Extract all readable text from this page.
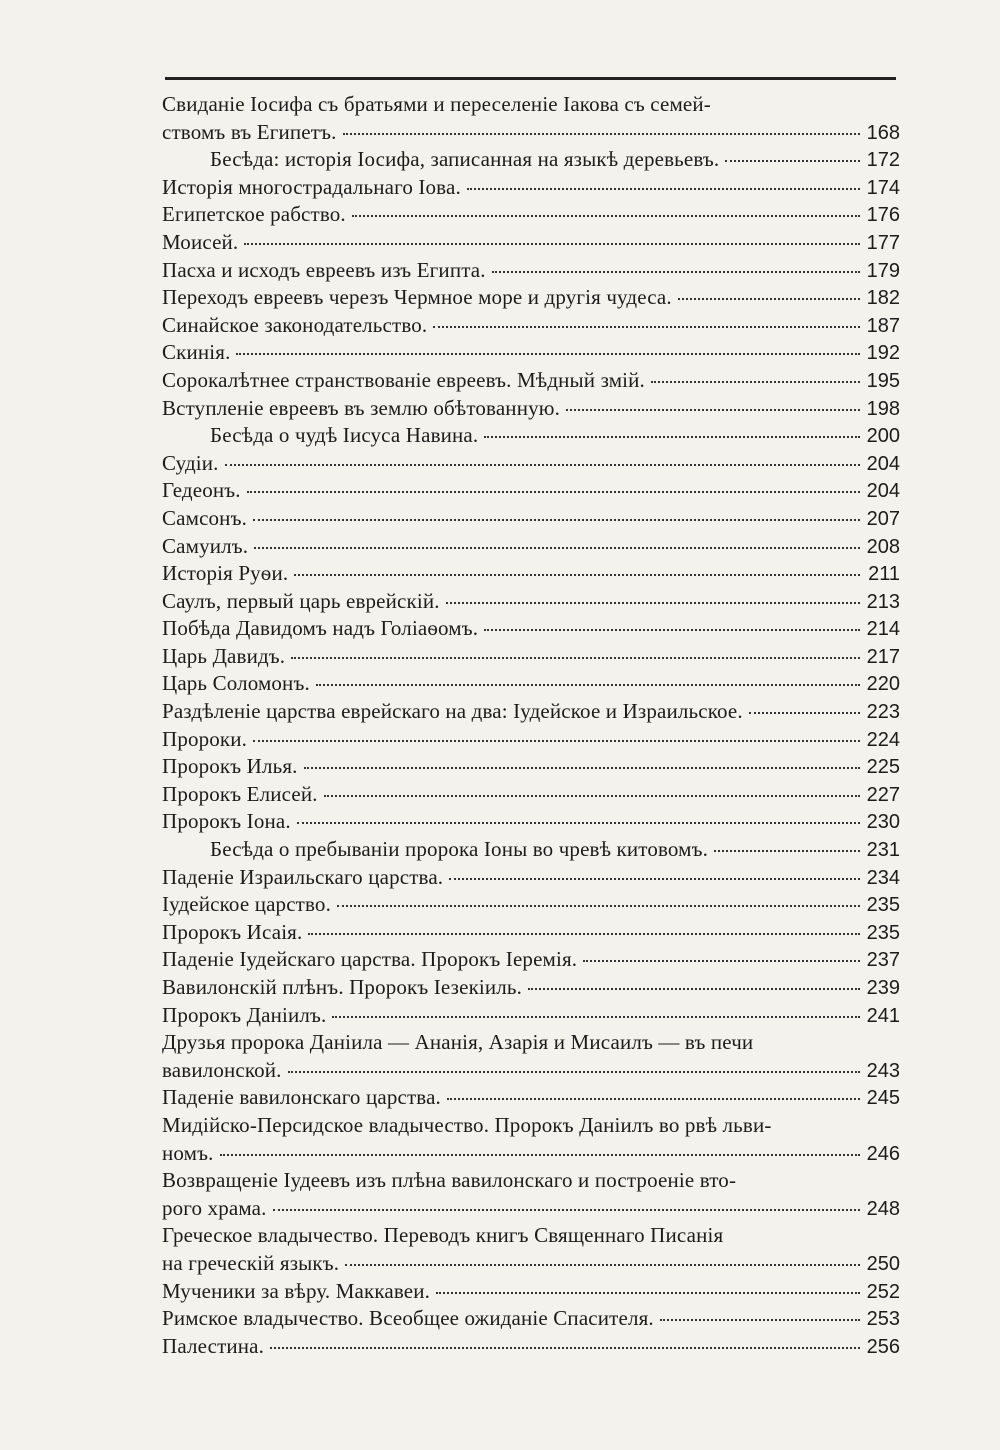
Свиданіе Іосифа съ братьями и переселеніе Іакова съ семей-
ствомъ въ Египетъ.	168
Бесѣда: исторія Іосифа, записанная на языкѣ деревьевъ.	172
Исторія многострадальнаго Іова.	174
Египетское рабство.	176
Моисей.	177
Пасха и исходъ евреевъ изъ Египта.	179
Переходъ евреевъ черезъ Чермное море и другія чудеса.	182
Синайское законодательство.	187
Скинія.	192
Сорокалѣтнее странствованіе евреевъ. Мѣдный змій.	195
Вступленіе евреевъ въ землю обѣтованную.	198
Бесѣда о чудѣ Іисуса Навина.	200
Судіи.	204
Гедеонъ.	204
Самсонъ.	207
Самуилъ.	208
Исторія Руѳи.	211
Саулъ, первый царь еврейскій.	213
Побѣда Давидомъ надъ Голіаѳомъ.	214
Царь Давидъ.	217
Царь Соломонъ.	220
Раздѣленіе царства еврейскаго на два: Іудейское и Израильское.	223
Пророки.	224
Пророкъ Илья.	225
Пророкъ Елисей.	227
Пророкъ Іона.	230
Бесѣда о пребываніи пророка Іоны во чревѣ китовомъ.	231
Паденіе Израильскаго царства.	234
Іудейское царство.	235
Пророкъ Исаія.	235
Паденіе Іудейскаго царства. Пророкъ Іеремія.	237
Вавилонскій плѣнъ. Пророкъ Іезекіиль.	239
Пророкъ Даніилъ.	241
Друзья пророка Даніила — Ананія, Азарія и Мисаилъ — въ печи
вавилонской.	243
Паденіе вавилонскаго царства.	245
Мидійско-Персидское владычество. Пророкъ Даніилъ во рвѣ льви-
номъ.	246
Возвращеніе Іудеевъ изъ плѣна вавилонскаго и построеніе вто-
рого храма.	248
Греческое владычество. Переводъ книгъ Священнаго Писанія
на греческій языкъ.	250
Мученики за вѣру. Маккавеи.	252
Римское владычество. Всеобщее ожиданіе Спасителя.	253
Палестина.	256
